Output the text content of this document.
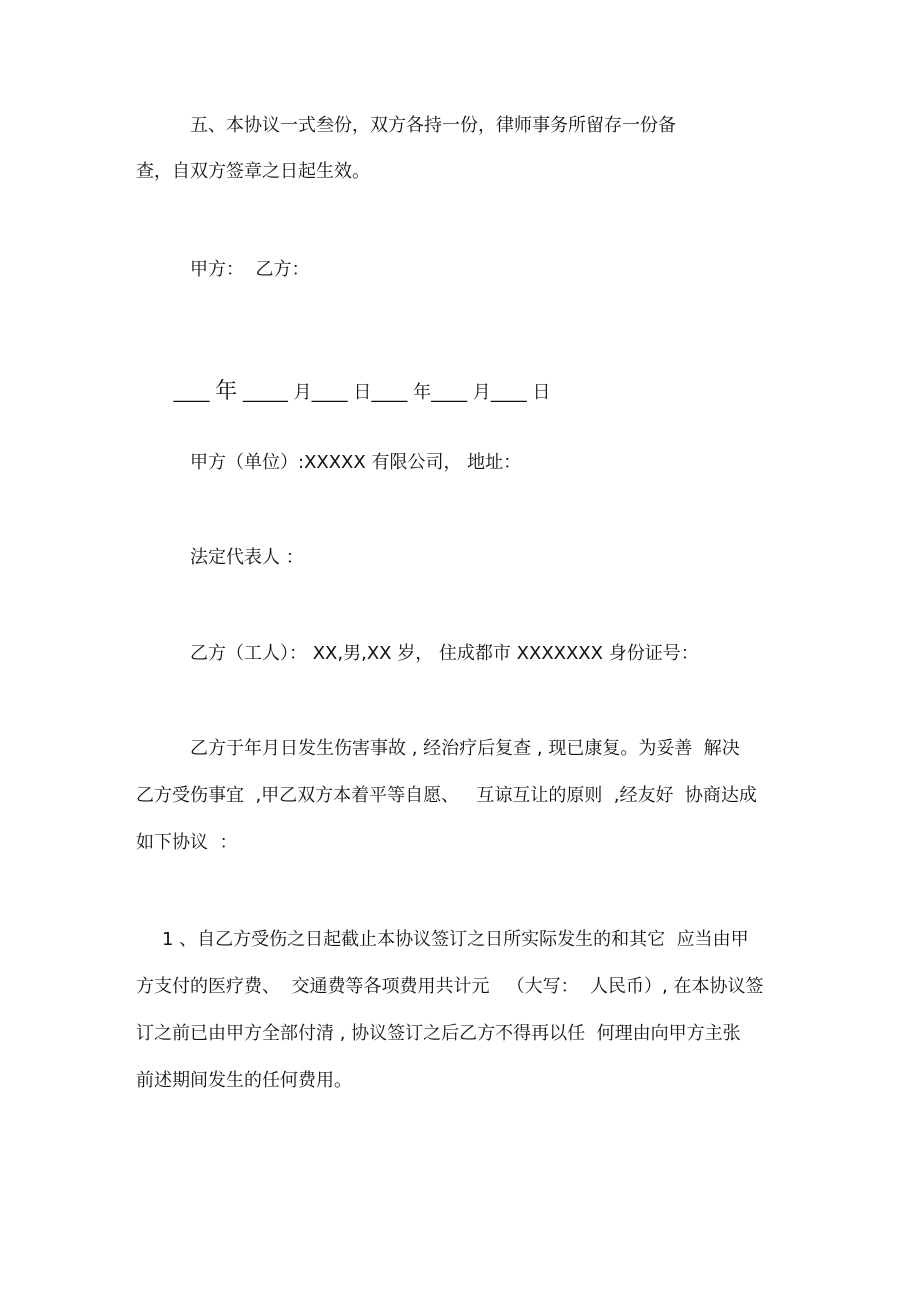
五、本协议一式叁份，双方各持一份，律师事务所留存一份备

查，自双方签章之日起生效。

甲方：  乙方：

____ 年 _____ 月____ 日____ 年____ 月____ 日

甲方（单位）:XXXXX 有限公司， 地址：

法定代表人 ：

乙方（工人）： XX,男,XX 岁， 住成都市 XXXXXXX 身份证号：

乙方于年月日发生伤害事故 , 经治疗后复查 , 现已康复。为妥善  解决

乙方受伤事宜  ,甲乙双方本着平等自愿、   互谅互让的原则  ,经友好  协商达成

如下协议  ：

1 、自乙方受伤之日起截止本协议签订之日所实际发生的和其它  应当由甲

方支付的医疗费、  交通费等各项费用共计元   （大写：  人民币）, 在本协议签

订之前已由甲方全部付清 , 协议签订之后乙方不得再以任  何理由向甲方主张

前述期间发生的任何费用。
